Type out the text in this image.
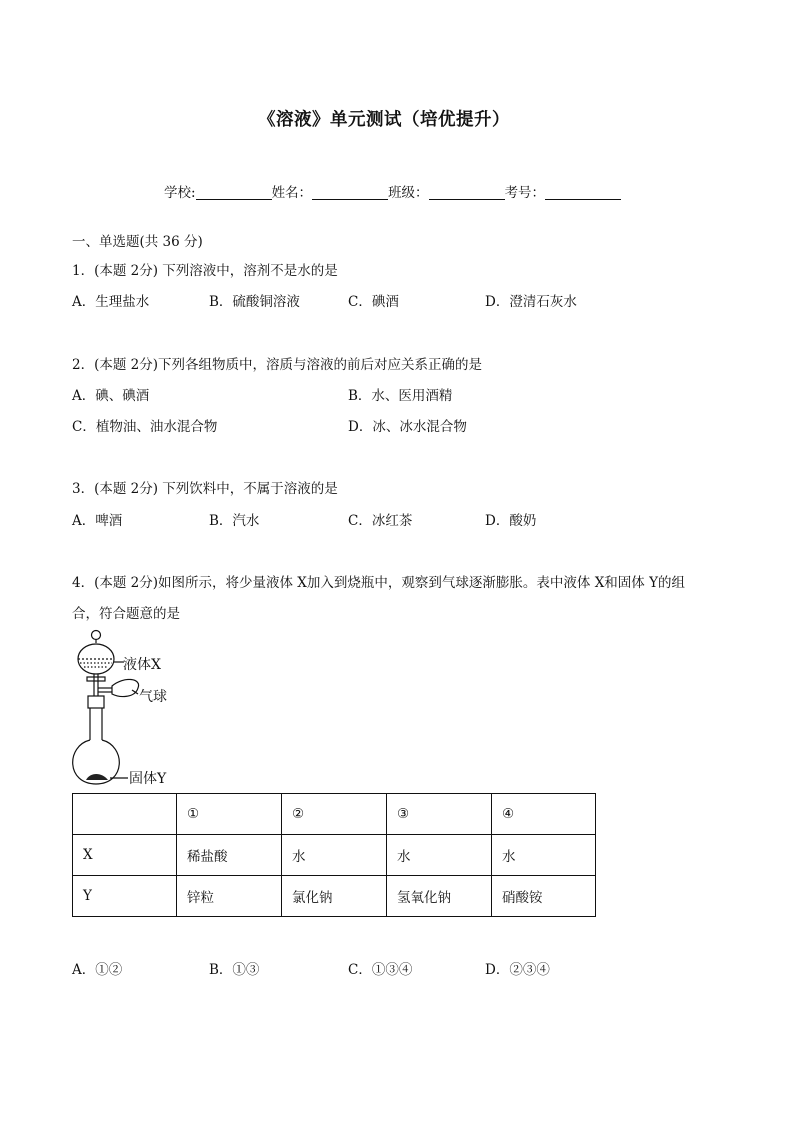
《溶液》单元测试（培优提升）
学校:	姓名：	班级：	考号：
一、单选题(共 36 分)
1．(本题 2分) 下列溶液中，溶剂不是水的是
A．生理盐水	B．硫酸铜溶液	C．碘酒	D．澄清石灰水
2．(本题 2分)下列各组物质中，溶质与溶液的前后对应关系正确的是
A．碘、碘酒	B．水、医用酒精
C．植物油、油水混合物	D．冰、冰水混合物
3．(本题 2分) 下列饮料中，不属于溶液的是
A．啤酒	B．汽水	C．冰红茶	D．酸奶
4．(本题 2分)如图所示，将少量液体 X加入到烧瓶中，观察到气球逐渐膨胀。表中液体 X和固体 Y的组
合，符合题意的是
液体X
气球
固体Y
	①	②	③	④
X	稀盐酸	水	水	水
Y	锌粒	氯化钠	氢氧化钠	硝酸铵
A．①②	B．①③	C．①③④	D．②③④
